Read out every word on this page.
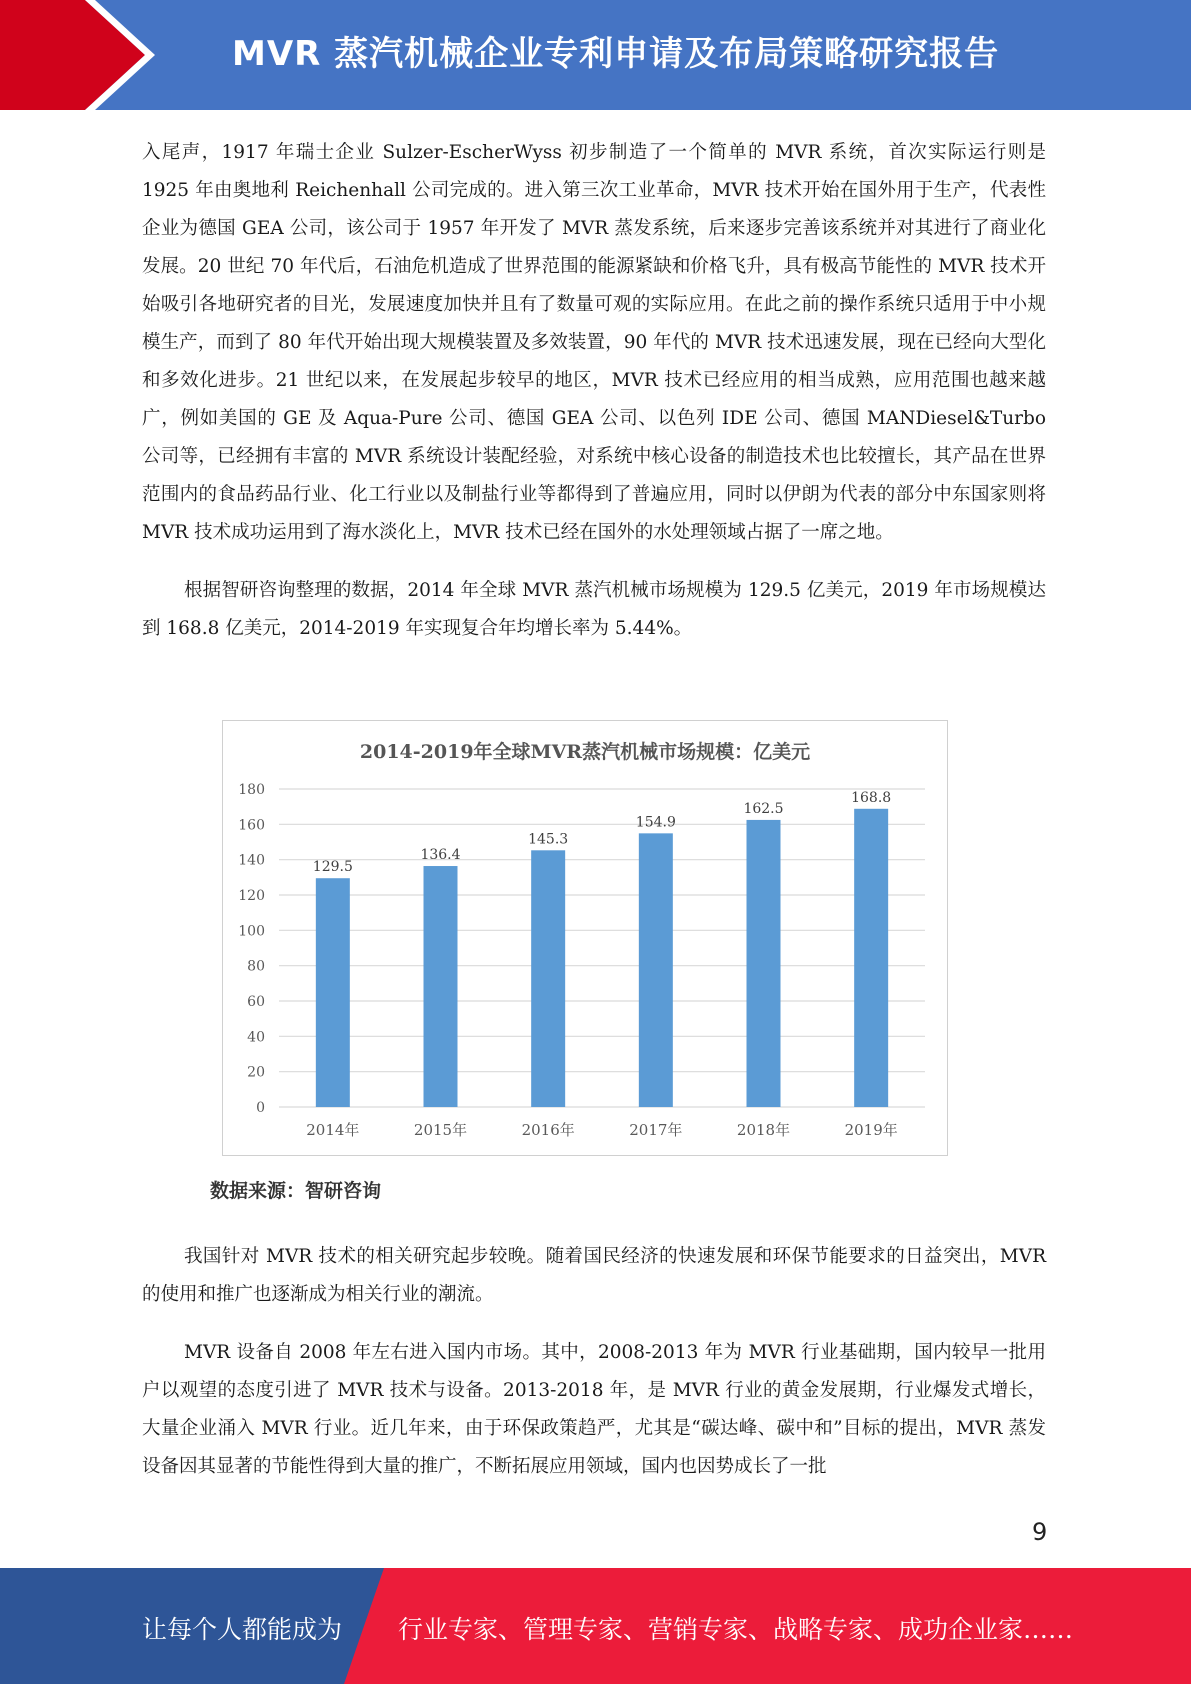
MVR 蒸汽机械企业专利申请及布局策略研究报告

入尾声，1917 年瑞士企业 Sulzer-EscherWyss 初步制造了一个简单的 MVR 系统，首次实际运行则是 1925 年由奥地利 Reichenhall 公司完成的。进入第三次工业革命，MVR 技术开始在国外用于生产，代表性企业为德国 GEA 公司，该公司于 1957 年开发了 MVR 蒸发系统，后来逐步完善该系统并对其进行了商业化发展。20 世纪 70 年代后，石油危机造成了世界范围的能源紧缺和价格飞升，具有极高节能性的 MVR 技术开始吸引各地研究者的目光，发展速度加快并且有了数量可观的实际应用。在此之前的操作系统只适用于中小规模生产，而到了 80 年代开始出现大规模装置及多效装置，90 年代的 MVR 技术迅速发展，现在已经向大型化和多效化进步。21 世纪以来，在发展起步较早的地区，MVR 技术已经应用的相当成熟，应用范围也越来越广，例如美国的 GE 及 Aqua-Pure 公司、德国 GEA 公司、以色列 IDE 公司、德国 MANDiesel&Turbo 公司等，已经拥有丰富的 MVR 系统设计装配经验，对系统中核心设备的制造技术也比较擅长，其产品在世界范围内的食品药品行业、化工行业以及制盐行业等都得到了普遍应用，同时以伊朗为代表的部分中东国家则将 MVR 技术成功运用到了海水淡化上，MVR 技术已经在国外的水处理领域占据了一席之地。

根据智研咨询整理的数据，2014 年全球 MVR 蒸汽机械市场规模为 129.5 亿美元，2019 年市场规模达到 168.8 亿美元，2014-2019 年实现复合年均增长率为 5.44%。

2014-2019年全球MVR蒸汽机械市场规模：亿美元
0
20
40
60
80
100
120
140
160
180
129.5
2014年
136.4
2015年
145.3
2016年
154.9
2017年
162.5
2018年
168.8
2019年
数据来源：智研咨询

我国针对 MVR 技术的相关研究起步较晚。随着国民经济的快速发展和环保节能要求的日益突出，MVR 的使用和推广也逐渐成为相关行业的潮流。

MVR 设备自 2008 年左右进入国内市场。其中，2008-2013 年为 MVR 行业基础期，国内较早一批用户以观望的态度引进了 MVR 技术与设备。2013-2018 年，是 MVR 行业的黄金发展期，行业爆发式增长，大量企业涌入 MVR 行业。近几年来，由于环保政策趋严，尤其是“碳达峰、碳中和”目标的提出，MVR 蒸发设备因其显著的节能性得到大量的推广，不断拓展应用领域，国内也因势成长了一批

9
让每个人都能成为 行业专家、管理专家、营销专家、战略专家、成功企业家……
